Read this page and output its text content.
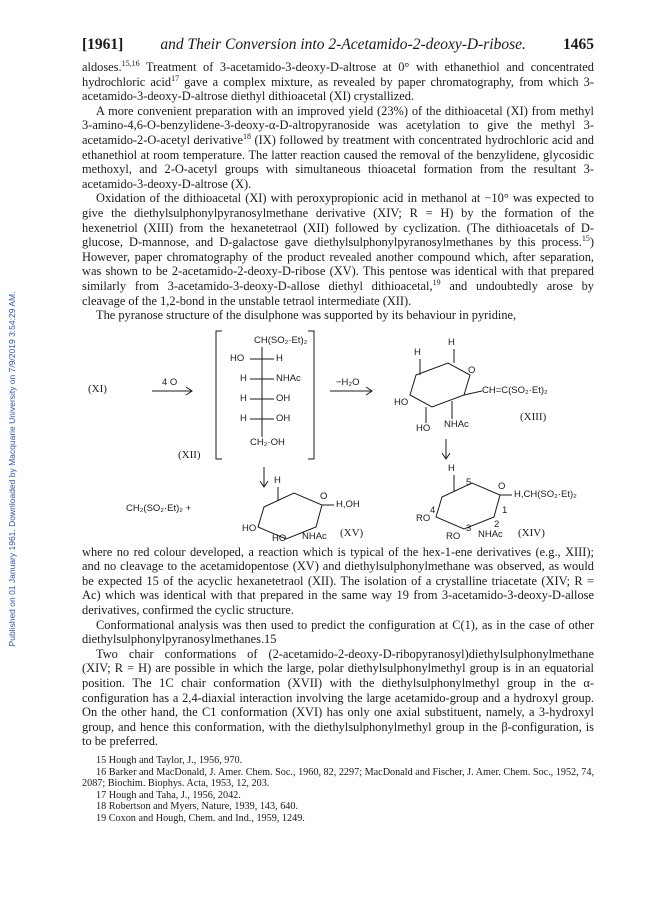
Published on 01 January 1961. Downloaded by Macquarie University on 7/9/2019 3:54:29 AM.
[1961] and Their Conversion into 2-Acetamido-2-deoxy-D-ribose. 1465

aldoses.$^{15,16}$ Treatment of 3-acetamido-3-deoxy-D-altrose at 0° with ethanethiol and concentrated hydrochloric acid$^{17}$ gave a complex mixture, as revealed by paper chromatography, from which 3-acetamido-3-deoxy-D-altrose diethyl dithioacetal (XI) crystallized.

A more convenient preparation with an improved yield (23%) of the dithioacetal (XI) from methyl 3-amino-4,6-O-benzylidene-3-deoxy-α-D-altropyranoside was acetylation to give the methyl 3-acetamido-2-O-acetyl derivative$^{18}$ (IX) followed by treatment with concentrated hydrochloric acid and ethanethiol at room temperature. The latter reaction caused the removal of the benzylidene, glycosidic methoxyl, and 2-O-acetyl groups with simultaneous thioacetal formation from the resultant 3-acetamido-3-deoxy-D-altrose (X).

Oxidation of the dithioacetal (XI) with peroxypropionic acid in methanol at −10° was expected to give the diethylsulphonylpyranosylmethane derivative (XIV; R = H) by the formation of the hexenetriol (XIII) from the hexanetetraol (XII) followed by cyclization. (The dithioacetals of D-glucose, D-mannose, and D-galactose gave diethylsulphonylpyranosylmethanes by this process.$^{15}$) However, paper chromatography of the product revealed another compound which, after separation, was shown to be 2-acetamido-2-deoxy-D-ribose (XV). This pentose was identical with that prepared similarly from 3-acetamido-3-deoxy-D-allose diethyl dithioacetal,$^{19}$ and undoubtedly arose by cleavage of the 1,2-bond in the unstable tetraol intermediate (XII).

The pyranose structure of the disulphone was supported by its behaviour in pyridine,

(XI)
4 O
(XII)
CH(SO₂·Et)₂
HO	H
H	NHAc
H	OH
H	OH
CH₂·OH
−H₂O
H
H
O
CH=C(SO₂·Et)₂
HO
HO NHAc
(XIII)
CH₂(SO₂·Et)₂ +
H
O
H,OH
HO
HO NHAc (XV)
H
5	O
H,CH(SO₂·Et)₂
4	1
RO
3 2
RO NHAc (XIV)

where no red colour developed, a reaction which is typical of the hex-1-ene derivatives (e.g., XIII); and no cleavage to the acetamidopentose (XV) and diethylsulphonylmethane was observed, as would be expected 15 of the acyclic hexanetetraol (XII). The isolation of a crystalline triacetate (XIV; R = Ac) which was identical with that prepared in the same way 19 from 3-acetamido-3-deoxy-D-allose derivatives, confirmed the cyclic structure.

Conformational analysis was then used to predict the configuration at C(1), as in the case of other diethylsulphonylpyranosylmethanes.15

Two chair conformations of (2-acetamido-2-deoxy-D-ribopyranosyl)diethylsulphonylmethane (XIV; R = H) are possible in which the large, polar diethylsulphonylmethyl group is in an equatorial position. The 1C chair conformation (XVII) with the diethylsulphonylmethyl group in the α-configuration has a 2,4-diaxial interaction involving the large acetamido-group and a hydroxyl group. On the other hand, the C1 conformation (XVI) has only one axial substituent, namely, a 3-hydroxyl group, and hence this conformation, with the diethylsulphonylmethyl group in the β-configuration, is to be preferred.

15 Hough and Taylor, J., 1956, 970.

16 Barker and MacDonald, J. Amer. Chem. Soc., 1960, 82, 2297; MacDonald and Fischer, J. Amer. Chem. Soc., 1952, 74, 2087; Biochim. Biophys. Acta, 1953, 12, 203.

17 Hough and Taha, J., 1956, 2042.

18 Robertson and Myers, Nature, 1939, 143, 640.

19 Coxon and Hough, Chem. and Ind., 1959, 1249.
